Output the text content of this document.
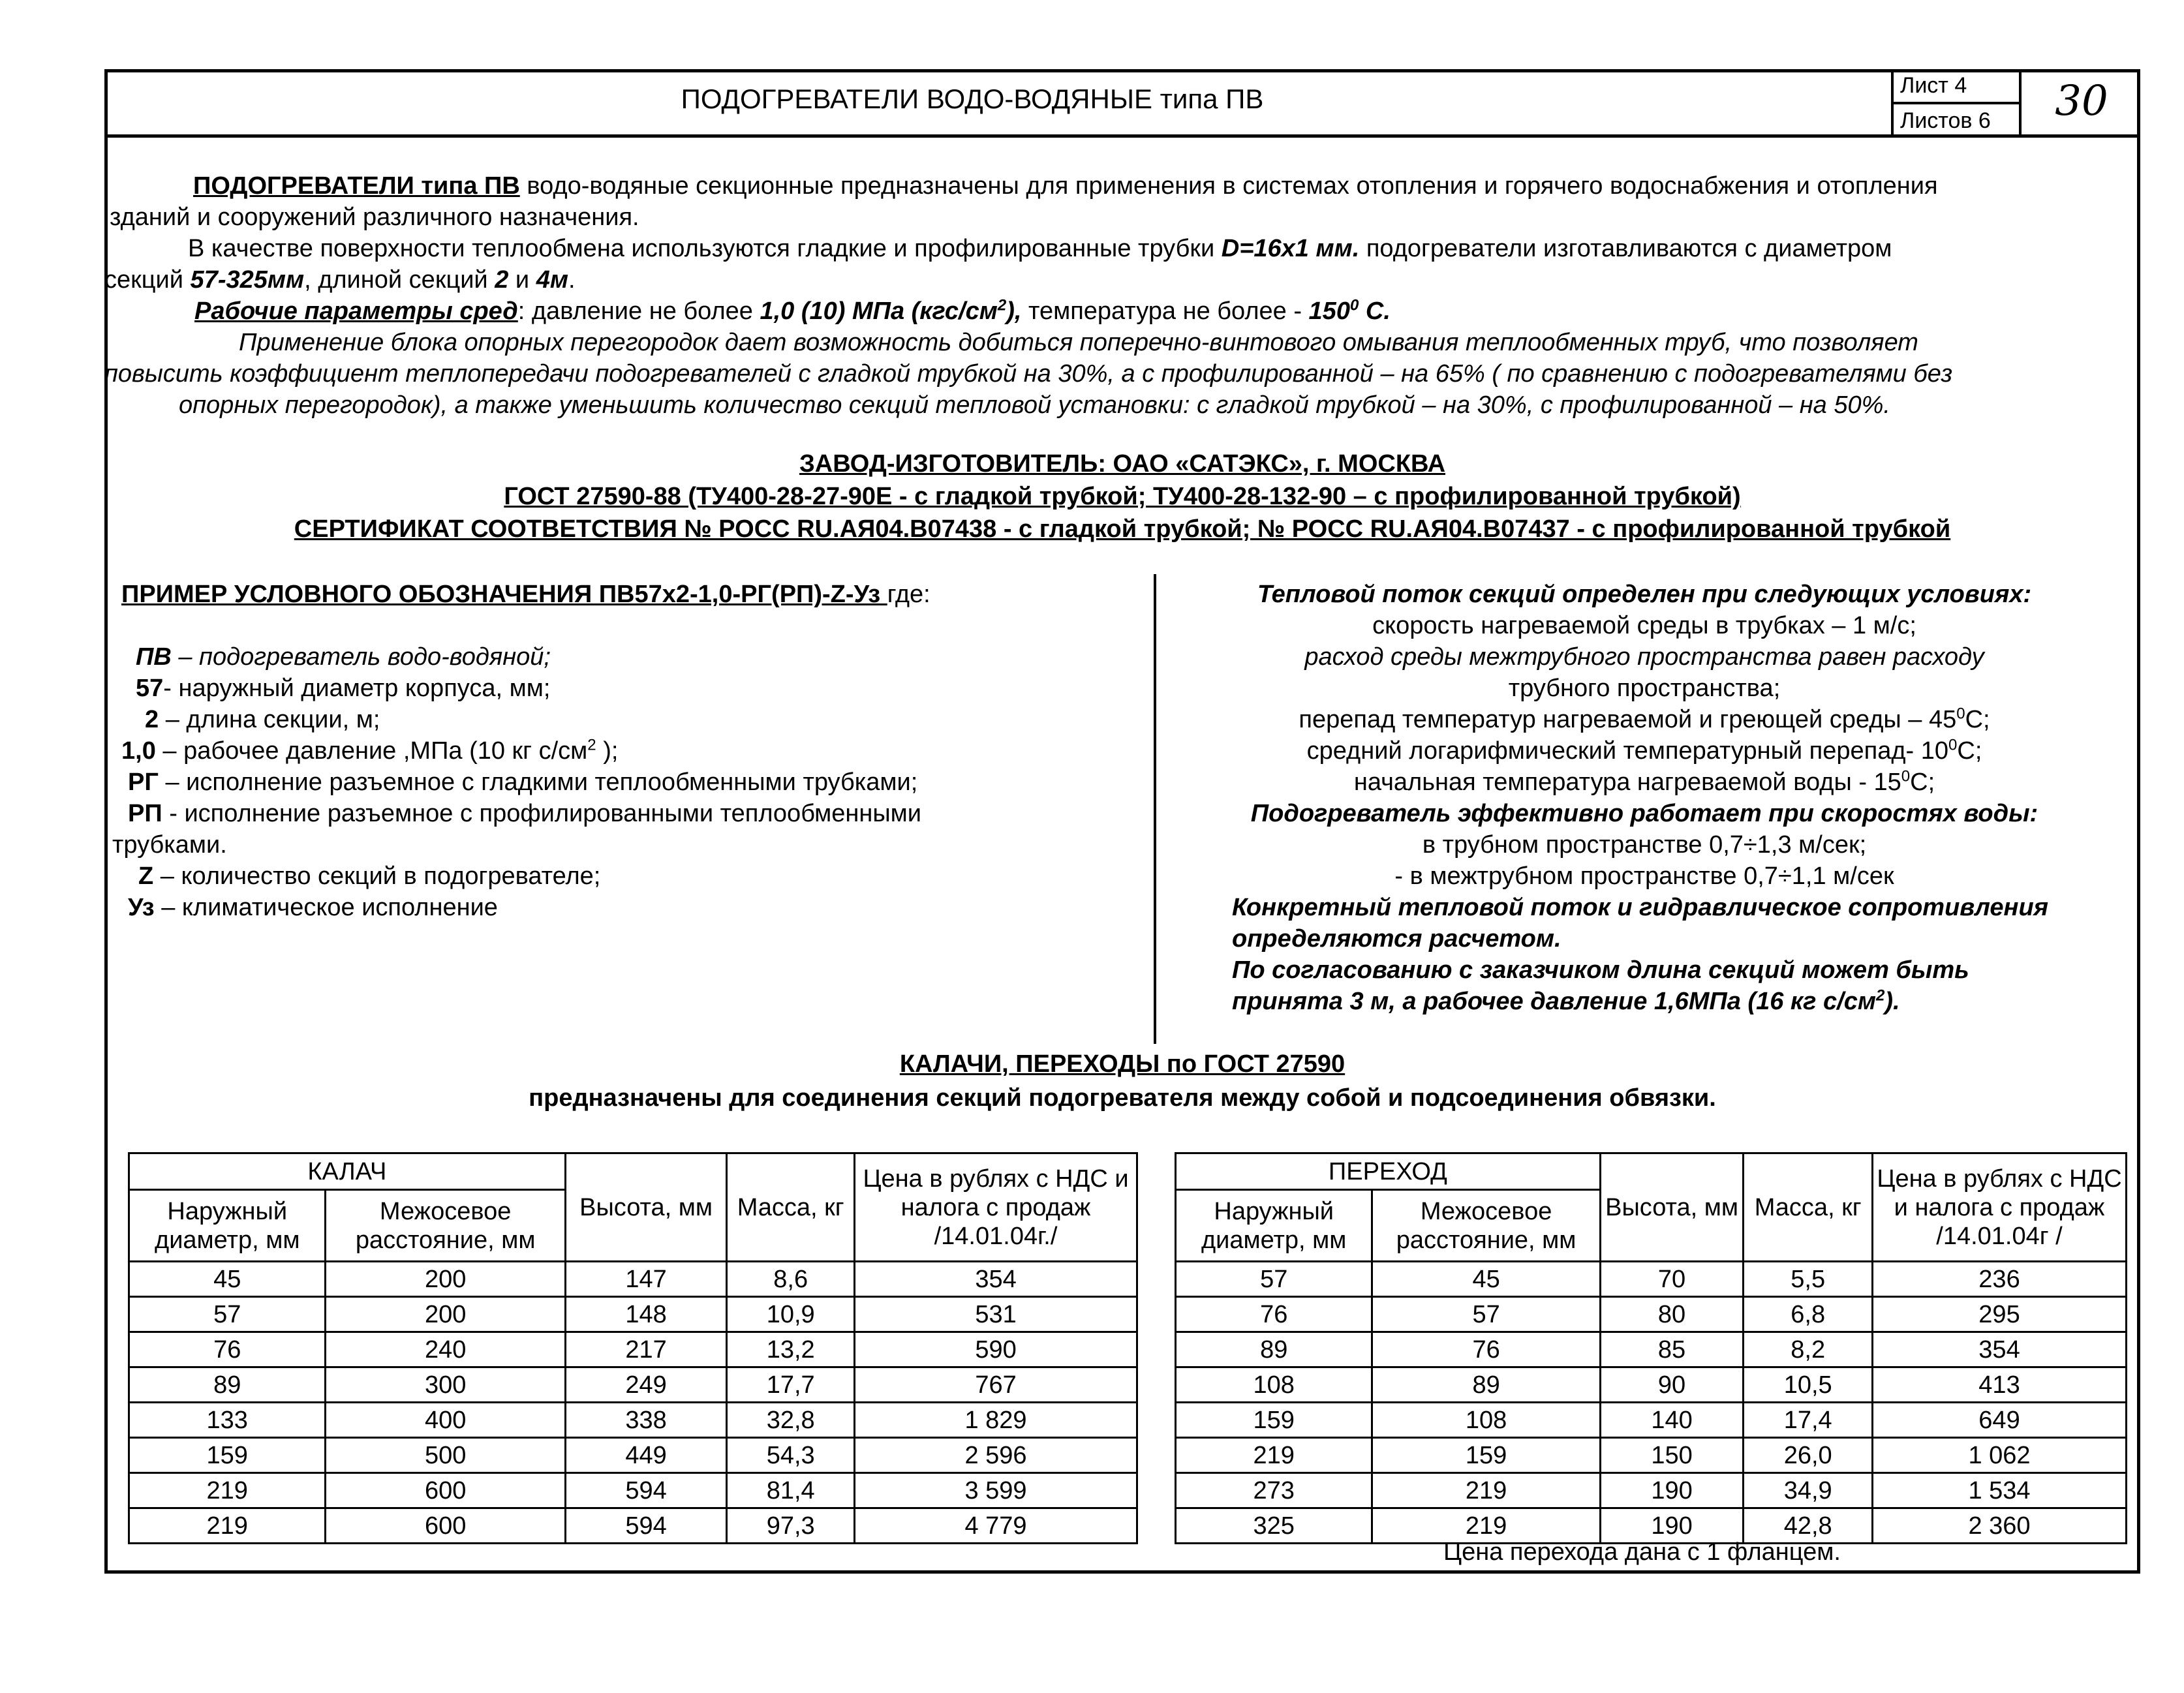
ПОДОГРЕВАТЕЛИ ВОДО-ВОДЯНЫЕ типа ПВ	Лист 4
Листов 6	30
ПОДОГРЕВАТЕЛИ типа ПВ водо-водяные секционные предназначены для применения в системах отопления и горячего водоснабжения и отопления
зданий и сооружений различного назначения.
В качестве поверхности теплообмена используются гладкие и профилированные трубки D=16x1 мм. подогреватели изготавливаются с диаметром
секций 57-325мм, длиной секций 2 и 4м.
Рабочие параметры сред: давление не более 1,0 (10) МПа $(кгс/см^2)$, температура не более - $150^0$ С.
Применение блока опорных перегородок дает возможность добиться поперечно-винтового омывания теплообменных труб, что позволяет
повысить коэффициент теплопередачи подогревателей с гладкой трубкой на 30%, а с профилированной – на 65% ( по сравнению с подогревателями без
опорных перегородок), а также уменьшить количество секций тепловой установки: с гладкой трубкой – на 30%, с профилированной – на 50%.
ЗАВОД-ИЗГОТОВИТЕЛЬ: ОАО «САТЭКС», г. МОСКВА
ГОСТ 27590-88 (ТУ400-28-27-90Е - с гладкой трубкой; ТУ400-28-132-90 – с профилированной трубкой)
СЕРТИФИКАТ СООТВЕТСТВИЯ № РОСС RU.АЯ04.В07438 - с гладкой трубкой; № РОСС RU.АЯ04.В07437 - с профилированной трубкой
ПРИМЕР УСЛОВНОГО ОБОЗНАЧЕНИЯ ПВ57х2-1,0-РГ(РП)-Z-Уз где:
ПВ – подогреватель водо-водяной;
57- наружный диаметр корпуса, мм;
2 – длина секции, м;
1,0 – рабочее давление ,МПа (10 кг $с/см^2$ );
РГ – исполнение разъемное с гладкими теплообменными трубками;
РП - исполнение разъемное с профилированными теплообменными
трубками.
Z – количество секций в подогревателе;
Уз – климатическое исполнение
Тепловой поток секций определен при следующих условиях:
скорость нагреваемой среды в трубках – 1 м/с;
расход среды межтрубного пространства равен расходу
трубного пространства;
перепад температур нагреваемой и греющей среды – $45^0С$;
средний логарифмический температурный перепад- $10^0С$;
начальная температура нагреваемой воды - $15^0С$;
Подогреватель эффективно работает при скоростях воды:
в трубном пространстве 0,7÷1,3 м/сек;
- в межтрубном пространстве 0,7÷1,1 м/сек
Конкретный тепловой поток и гидравлическое сопротивления
определяются расчетом.
По согласованию с заказчиком длина секций может быть
принята 3 м, а рабочее давление 1,6МПа (16 кг $с/см^2$).
КАЛАЧИ, ПЕРЕХОДЫ по ГОСТ 27590
предназначены для соединения секций подогревателя между собой и подсоединения обвязки.
КАЛАЧ		Высота, мм	Масса, кг	Цена в рублях с НДС и налога с продаж /14.01.04г./
Наружный диаметр, мм	Межосевое расстояние, мм			
45	200	147	8,6	354
57	200	148	10,9	531
76	240	217	13,2	590
89	300	249	17,7	767
133	400	338	32,8	1 829
159	500	449	54,3	2 596
219	600	594	81,4	3 599
219	600	594	97,3	4 779
ПЕРЕХОД		Высота, мм	Масса, кг	Цена в рублях с НДС и налога с продаж /14.01.04г /
Наружный диаметр, мм	Межосевое расстояние, мм			
57	45	70	5,5	236
76	57	80	6,8	295
89	76	85	8,2	354
108	89	90	10,5	413
159	108	140	17,4	649
219	159	150	26,0	1 062
273	219	190	34,9	1 534
325	219	190	42,8	2 360
Цена перехода дана с 1 фланцем.
